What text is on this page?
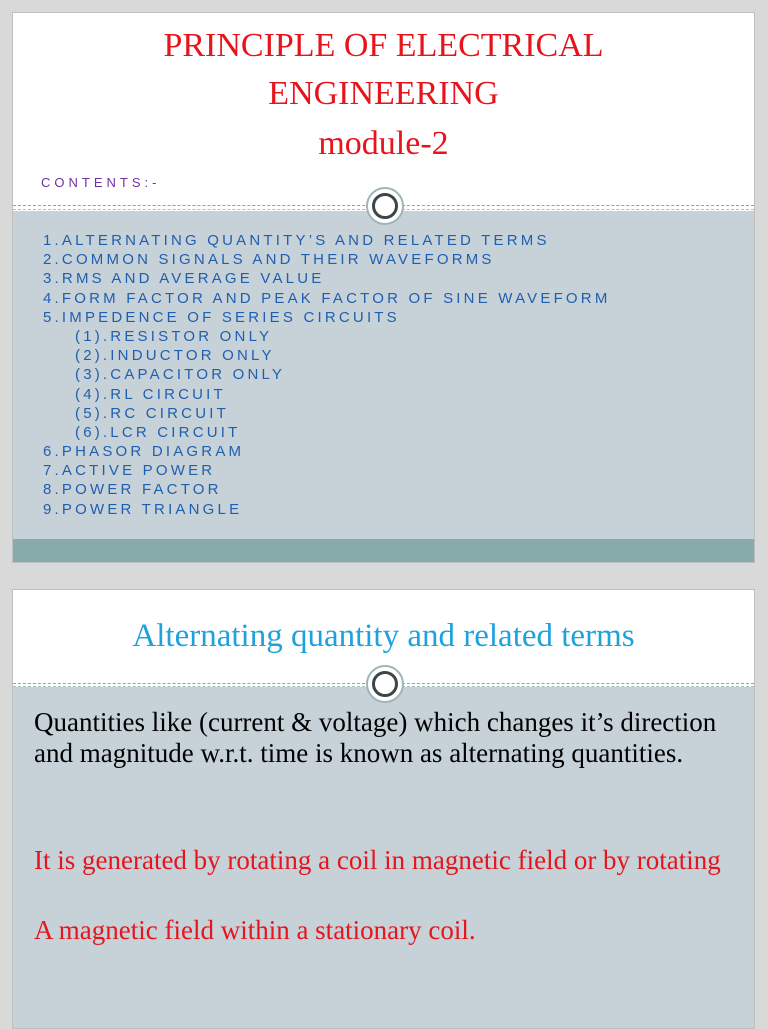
PRINCIPLE OF ELECTRICAL

ENGINEERING

module-2

CONTENTS:-
1.ALTERNATING QUANTITY’S AND RELATED TERMS
2.COMMON SIGNALS AND THEIR WAVEFORMS
3.RMS AND AVERAGE VALUE
4.FORM FACTOR AND PEAK FACTOR OF SINE WAVEFORM
5.IMPEDENCE OF SERIES CIRCUITS
(1).RESISTOR ONLY
(2).INDUCTOR ONLY
(3).CAPACITOR ONLY
(4).RL CIRCUIT
(5).RC CIRCUIT
(6).LCR CIRCUIT
6.PHASOR DIAGRAM
7.ACTIVE POWER
8.POWER FACTOR
9.POWER TRIANGLE
Alternating quantity and related terms

Quantities like (current & voltage) which changes it’s direction and magnitude w.r.t. time is known as alternating quantities.

It is generated by rotating a coil in magnetic field or by rotating

A magnetic field within a stationary coil.
